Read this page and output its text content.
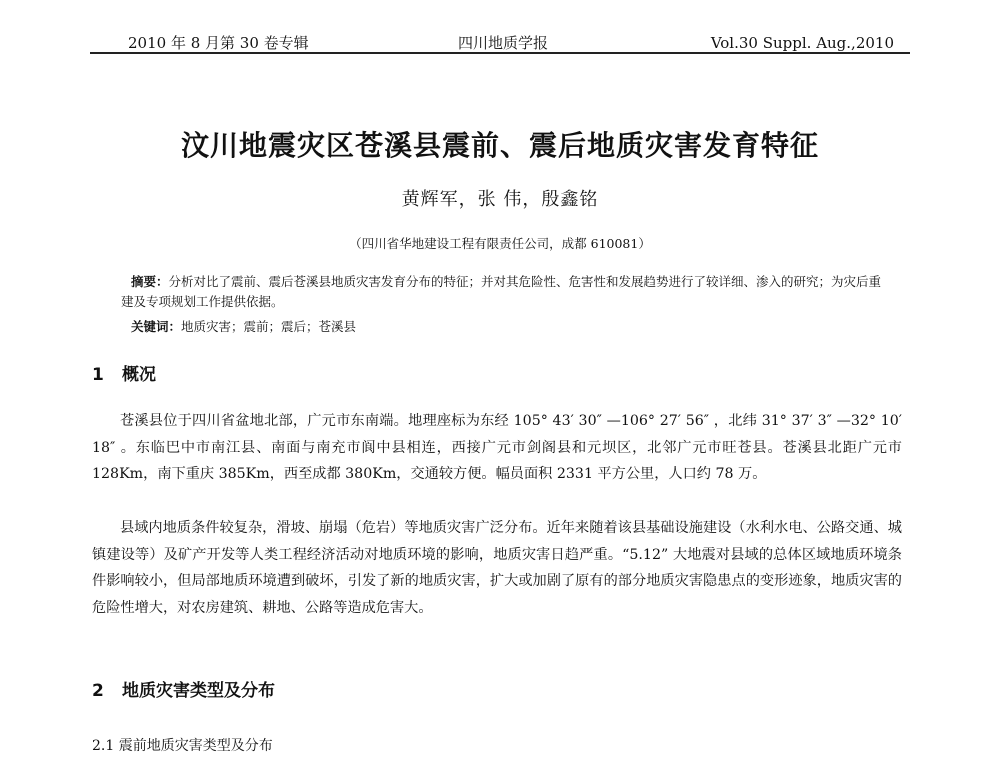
2010 年 8 月第 30 卷专辑	四川地质学报	Vol.30 Suppl. Aug.,2010
汶川地震灾区苍溪县震前、震后地质灾害发育特征
黄辉军，张 伟，殷鑫铭
（四川省华地建设工程有限责任公司，成都 610081）
摘要：分析对比了震前、震后苍溪县地质灾害发育分布的特征；并对其危险性、危害性和发展趋势进行了较详细、渗入的研究；为灾后重建及专项规划工作提供依据。
关键词：地质灾害；震前；震后；苍溪县
1 概况
苍溪县位于四川省盆地北部，广元市东南端。地理座标为东经 105° 43′ 30″ —106° 27′ 56″ ，北纬 31° 37′ 3″ —32° 10′ 18″ 。东临巴中市南江县、南面与南充市阆中县相连，西接广元市剑阁县和元坝区，北邻广元市旺苍县。苍溪县北距广元市 128Km，南下重庆 385Km，西至成都 380Km，交通较方便。幅员面积 2331 平方公里，人口约 78 万。
县域内地质条件较复杂，滑坡、崩塌（危岩）等地质灾害广泛分布。近年来随着该县基础设施建设（水利水电、公路交通、城镇建设等）及矿产开发等人类工程经济活动对地质环境的影响，地质灾害日趋严重。“5.12” 大地震对县域的总体区域地质环境条件影响较小，但局部地质环境遭到破坏，引发了新的地质灾害，扩大或加剧了原有的部分地质灾害隐患点的变形迹象，地质灾害的危险性增大，对农房建筑、耕地、公路等造成危害大。
2 地质灾害类型及分布
2.1 震前地质灾害类型及分布
